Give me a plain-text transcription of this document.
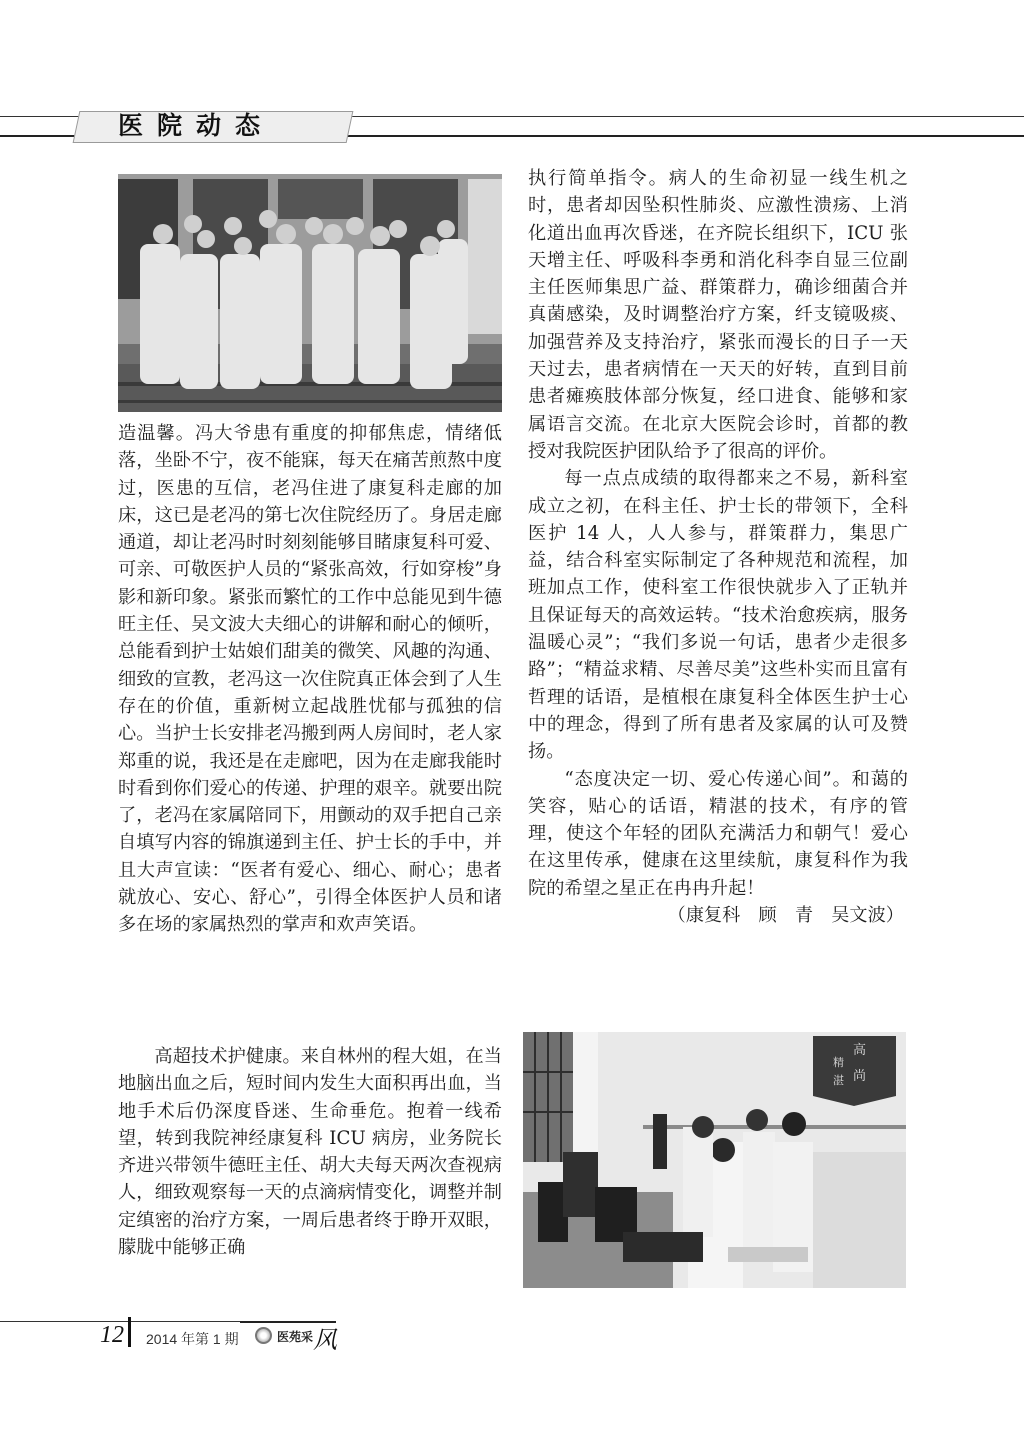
医院动态

造温馨。冯大爷患有重度的抑郁焦虑，情绪低落，坐卧不宁，夜不能寐，每天在痛苦煎熬中度过，医患的互信，老冯住进了康复科走廊的加床，这已是老冯的第七次住院经历了。身居走廊通道，却让老冯时时刻刻能够目睹康复科可爱、可亲、可敬医护人员的“紧张高效，行如穿梭”身影和新印象。紧张而繁忙的工作中总能见到牛德旺主任、吴文波大夫细心的讲解和耐心的倾听，总能看到护士姑娘们甜美的微笑、风趣的沟通、细致的宣教，老冯这一次住院真正体会到了人生存在的价值，重新树立起战胜忧郁与孤独的信心。当护士长安排老冯搬到两人房间时，老人家郑重的说，我还是在走廊吧，因为在走廊我能时时看到你们爱心的传递、护理的艰辛。就要出院了，老冯在家属陪同下，用颤动的双手把自己亲自填写内容的锦旗递到主任、护士长的手中，并且大声宣读：“医者有爱心、细心、耐心；患者就放心、安心、舒心”，引得全体医护人员和诸多在场的家属热烈的掌声和欢声笑语。

高超技术护健康。来自林州的程大姐，在当地脑出血之后，短时间内发生大面积再出血，当地手术后仍深度昏迷、生命垂危。抱着一线希望，转到我院神经康复科 ICU 病房，业务院长齐进兴带领牛德旺主任、胡大夫每天两次查视病人，细致观察每一天的点滴病情变化，调整并制定缜密的治疗方案，一周后患者终于睁开双眼，朦胧中能够正确

执行简单指令。病人的生命初显一线生机之时，患者却因坠积性肺炎、应激性溃疡、上消化道出血再次昏迷，在齐院长组织下，ICU 张天增主任、呼吸科李勇和消化科李自显三位副主任医师集思广益、群策群力，确诊细菌合并真菌感染，及时调整治疗方案，纤支镜吸痰、加强营养及支持治疗，紧张而漫长的日子一天天过去，患者病情在一天天的好转，直到目前患者瘫痪肢体部分恢复，经口进食、能够和家属语言交流。在北京大医院会诊时，首都的教授对我院医护团队给予了很高的评价。

每一点点成绩的取得都来之不易，新科室成立之初，在科主任、护士长的带领下，全科医护 14 人，人人参与，群策群力，集思广益，结合科室实际制定了各种规范和流程，加班加点工作，使科室工作很快就步入了正轨并且保证每天的高效运转。“技术治愈疾病，服务温暖心灵”；“我们多说一句话，患者少走很多路”；“精益求精、尽善尽美”这些朴实而且富有哲理的话语，是植根在康复科全体医生护士心中的理念，得到了所有患者及家属的认可及赞扬。

“态度决定一切、爱心传递心间”。和蔼的笑容，贴心的话语，精湛的技术，有序的管理，使这个年轻的团队充满活力和朝气！爱心在这里传承，健康在这里续航，康复科作为我院的希望之星正在冉冉升起！

（康复科　顾　青　吴文波）

高
精
尚
湛
12 2014 年第 1 期	医苑采 风
